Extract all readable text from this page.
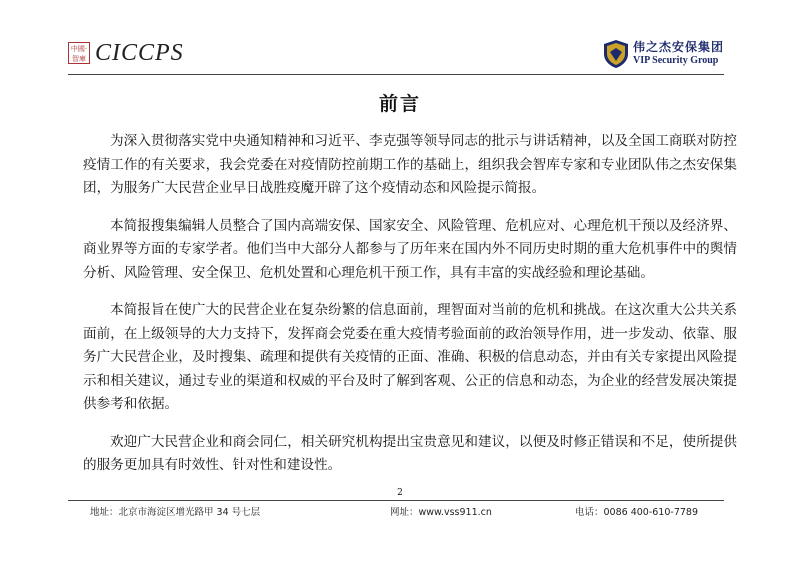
中國·智庫 CICCPS	伟之杰安保集团
VIP Security Group
前言

为深入贯彻落实党中央通知精神和习近平、李克强等领导同志的批示与讲话精神，以及全国工商联对防控疫情工作的有关要求，我会党委在对疫情防控前期工作的基础上，组织我会智库专家和专业团队伟之杰安保集团，为服务广大民营企业早日战胜疫魔开辟了这个疫情动态和风险提示简报。

本简报搜集编辑人员整合了国内高端安保、国家安全、风险管理、危机应对、心理危机干预以及经济界、商业界等方面的专家学者。他们当中大部分人都参与了历年来在国内外不同历史时期的重大危机事件中的舆情分析、风险管理、安全保卫、危机处置和心理危机干预工作，具有丰富的实战经验和理论基础。

本简报旨在使广大的民营企业在复杂纷繁的信息面前，理智面对当前的危机和挑战。在这次重大公共关系面前，在上级领导的大力支持下，发挥商会党委在重大疫情考验面前的政治领导作用，进一步发动、依靠、服务广大民营企业，及时搜集、疏理和提供有关疫情的正面、准确、积极的信息动态，并由有关专家提出风险提示和相关建议，通过专业的渠道和权威的平台及时了解到客观、公正的信息和动态，为企业的经营发展决策提供参考和依据。

欢迎广大民营企业和商会同仁，相关研究机构提出宝贵意见和建议，以便及时修正错误和不足，使所提供的服务更加具有时效性、针对性和建设性。

2
地址：北京市海淀区增光路甲 34 号七层	网址：www.vss911.cn	电话：0086 400-610-7789
